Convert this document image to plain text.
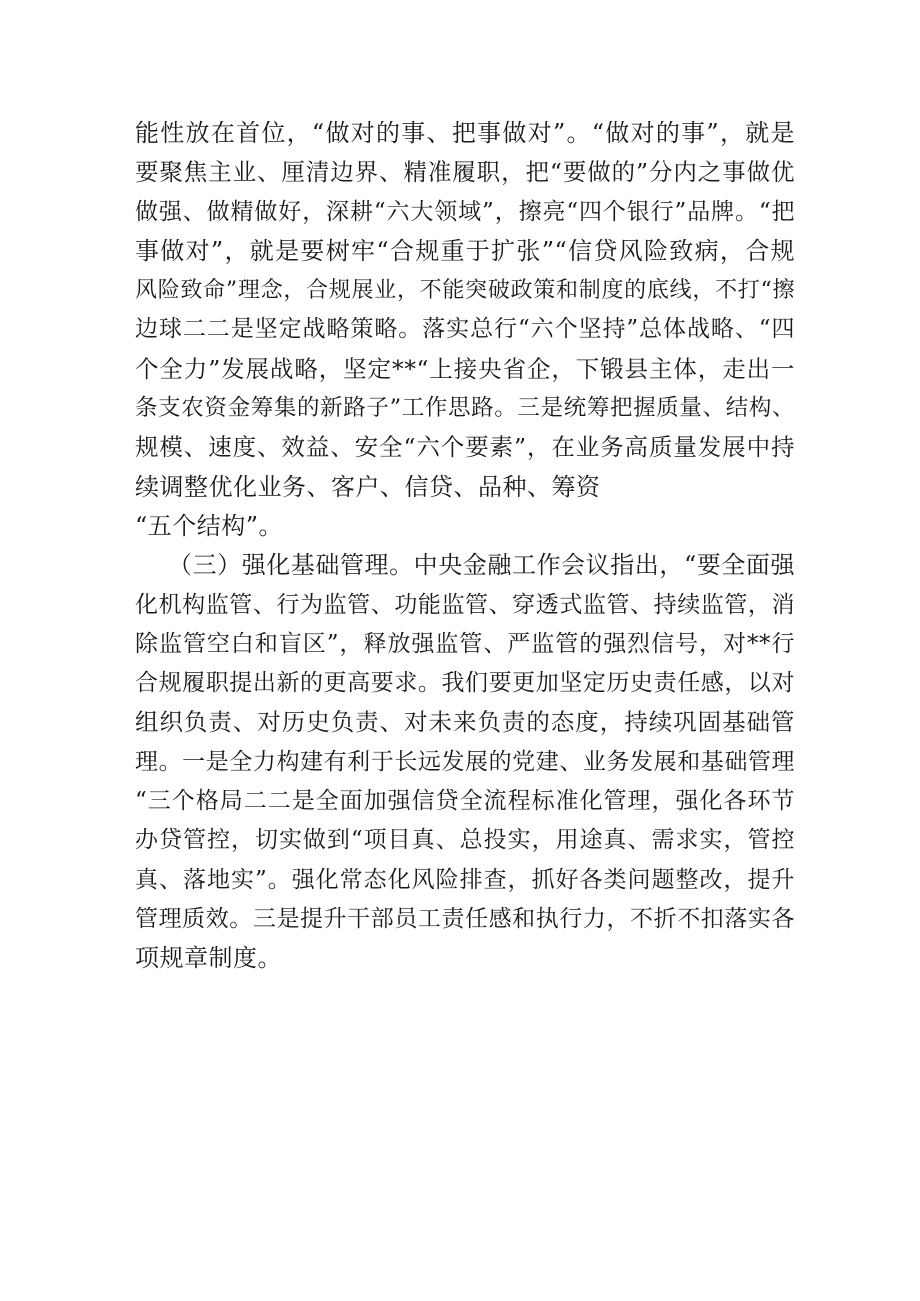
能性放在首位，“做对的事、把事做对”。“做对的事”，就是
要聚焦主业、厘清边界、精准履职，把“要做的”分内之事做优
做强、做精做好，深耕“六大领域”，擦亮“四个银行”品牌。“把
事做对”，就是要树牢“合规重于扩张”“信贷风险致病，合规
风险致命”理念，合规展业，不能突破政策和制度的底线，不打“擦
边球二二是坚定战略策略。落实总行“六个坚持”总体战略、“四
个全力”发展战略，坚定**“上接央省企，下锻县主体，走出一
条支农资金筹集的新路子”工作思路。三是统筹把握质量、结构、
规模、速度、效益、安全“六个要素”，在业务高质量发展中持
续调整优化业务、客户、信贷、品种、筹资
“五个结构”。
（三）强化基础管理。中央金融工作会议指出，“要全面强
化机构监管、行为监管、功能监管、穿透式监管、持续监管，消
除监管空白和盲区”，释放强监管、严监管的强烈信号，对**行
合规履职提出新的更高要求。我们要更加坚定历史责任感，以对
组织负责、对历史负责、对未来负责的态度，持续巩固基础管
理。一是全力构建有利于长远发展的党建、业务发展和基础管理
“三个格局二二是全面加强信贷全流程标准化管理，强化各环节
办贷管控，切实做到“项目真、总投实，用途真、需求实，管控
真、落地实”。强化常态化风险排查，抓好各类问题整改，提升
管理质效。三是提升干部员工责任感和执行力，不折不扣落实各
项规章制度。
